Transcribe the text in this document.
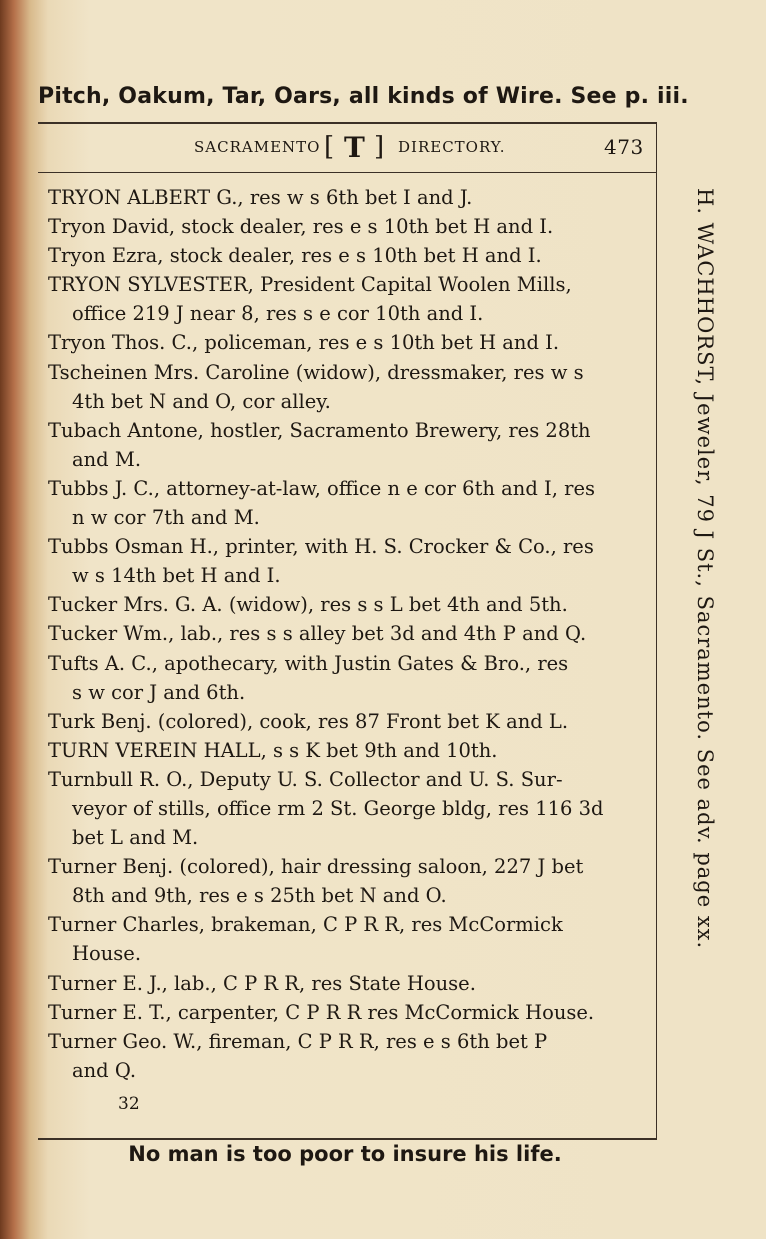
Pitch, Oakum, Tar, Oars, all kinds of Wire. See p. iii.
SACRAMENTO [ T ] DIRECTORY.	473
TRYON ALBERT G., res w s 6th bet I and J.
Tryon David, stock dealer, res e s 10th bet H and I.
Tryon Ezra, stock dealer, res e s 10th bet H and I.
TRYON SYLVESTER, President Capital Woolen Mills,
office 219 J near 8, res s e cor 10th and I.
Tryon Thos. C., policeman, res e s 10th bet H and I.
Tscheinen Mrs. Caroline (widow), dressmaker, res w s
4th bet N and O, cor alley.
Tubach Antone, hostler, Sacramento Brewery, res 28th
and M.
Tubbs J. C., attorney-at-law, office n e cor 6th and I, res
n w cor 7th and M.
Tubbs Osman H., printer, with H. S. Crocker & Co., res
w s 14th bet H and I.
Tucker Mrs. G. A. (widow), res s s L bet 4th and 5th.
Tucker Wm., lab., res s s alley bet 3d and 4th P and Q.
Tufts A. C., apothecary, with Justin Gates & Bro., res
s w cor J and 6th.
Turk Benj. (colored), cook, res 87 Front bet K and L.
TURN VEREIN HALL, s s K bet 9th and 10th.
Turnbull R. O., Deputy U. S. Collector and U. S. Sur-
veyor of stills, office rm 2 St. George bldg, res 116 3d
bet L and M.
Turner Benj. (colored), hair dressing saloon, 227 J bet
8th and 9th, res e s 25th bet N and O.
Turner Charles, brakeman, C P R R, res McCormick
House.
Turner E. J., lab., C P R R, res State House.
Turner E. T., carpenter, C P R R res McCormick House.
Turner Geo. W., fireman, C P R R, res e s 6th bet P
and Q.
32
H. WACHHORST, Jeweler, 79 J St., Sacramento. See adv. page xx.
No man is too poor to insure his life.
